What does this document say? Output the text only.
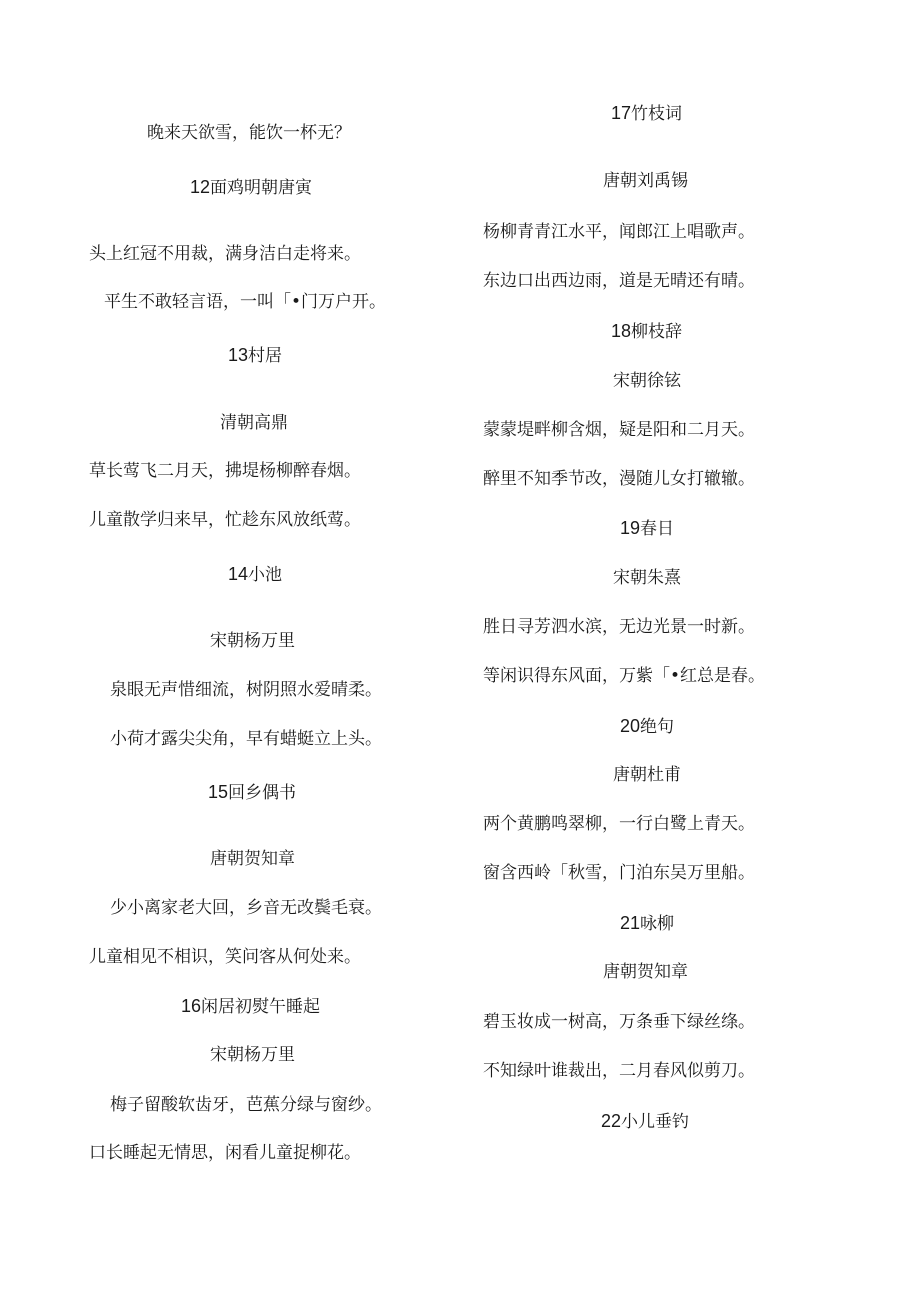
晚来天欲雪，能饮一杯无？
12面鸡明朝唐寅
头上红冠不用裁，满身洁白走将来。
平生不敢轻言语，一叫「•门万户开。
13村居
清朝高鼎
草长莺飞二月天，拂堤杨柳醉春烟。
儿童散学归来早，忙趁东风放纸莺。
14小池
宋朝杨万里
泉眼无声惜细流，树阴照水爱晴柔。
小荷才露尖尖角，早有蜡蜓立上头。
15回乡偶书
唐朝贺知章
少小离家老大回，乡音无改鬓毛衰。
儿童相见不相识，笑问客从何处来。
16闲居初熨午睡起
宋朝杨万里
梅子留酸软齿牙，芭蕉分绿与窗纱。
口长睡起无情思，闲看儿童捉柳花。
17竹枝词
唐朝刘禹锡
杨柳青青江水平，闻郎江上唱歌声。
东边口出西边雨，道是无晴还有晴。
18柳枝辞
宋朝徐铉
蒙蒙堤畔柳含烟，疑是阳和二月天。
醉里不知季节改，漫随儿女打辙辙。
19春日
宋朝朱熹
胜日寻芳泗水滨，无边光景一时新。
等闲识得东风面，万紫「•红总是春。
20绝句
唐朝杜甫
两个黄鹏鸣翠柳，一行白鹭上青天。
窗含西岭「秋雪，门泊东吴万里船。
21咏柳
唐朝贺知章
碧玉妆成一树高，万条垂下绿丝绦。
不知绿叶谁裁出，二月春风似剪刀。
22小儿垂钓
